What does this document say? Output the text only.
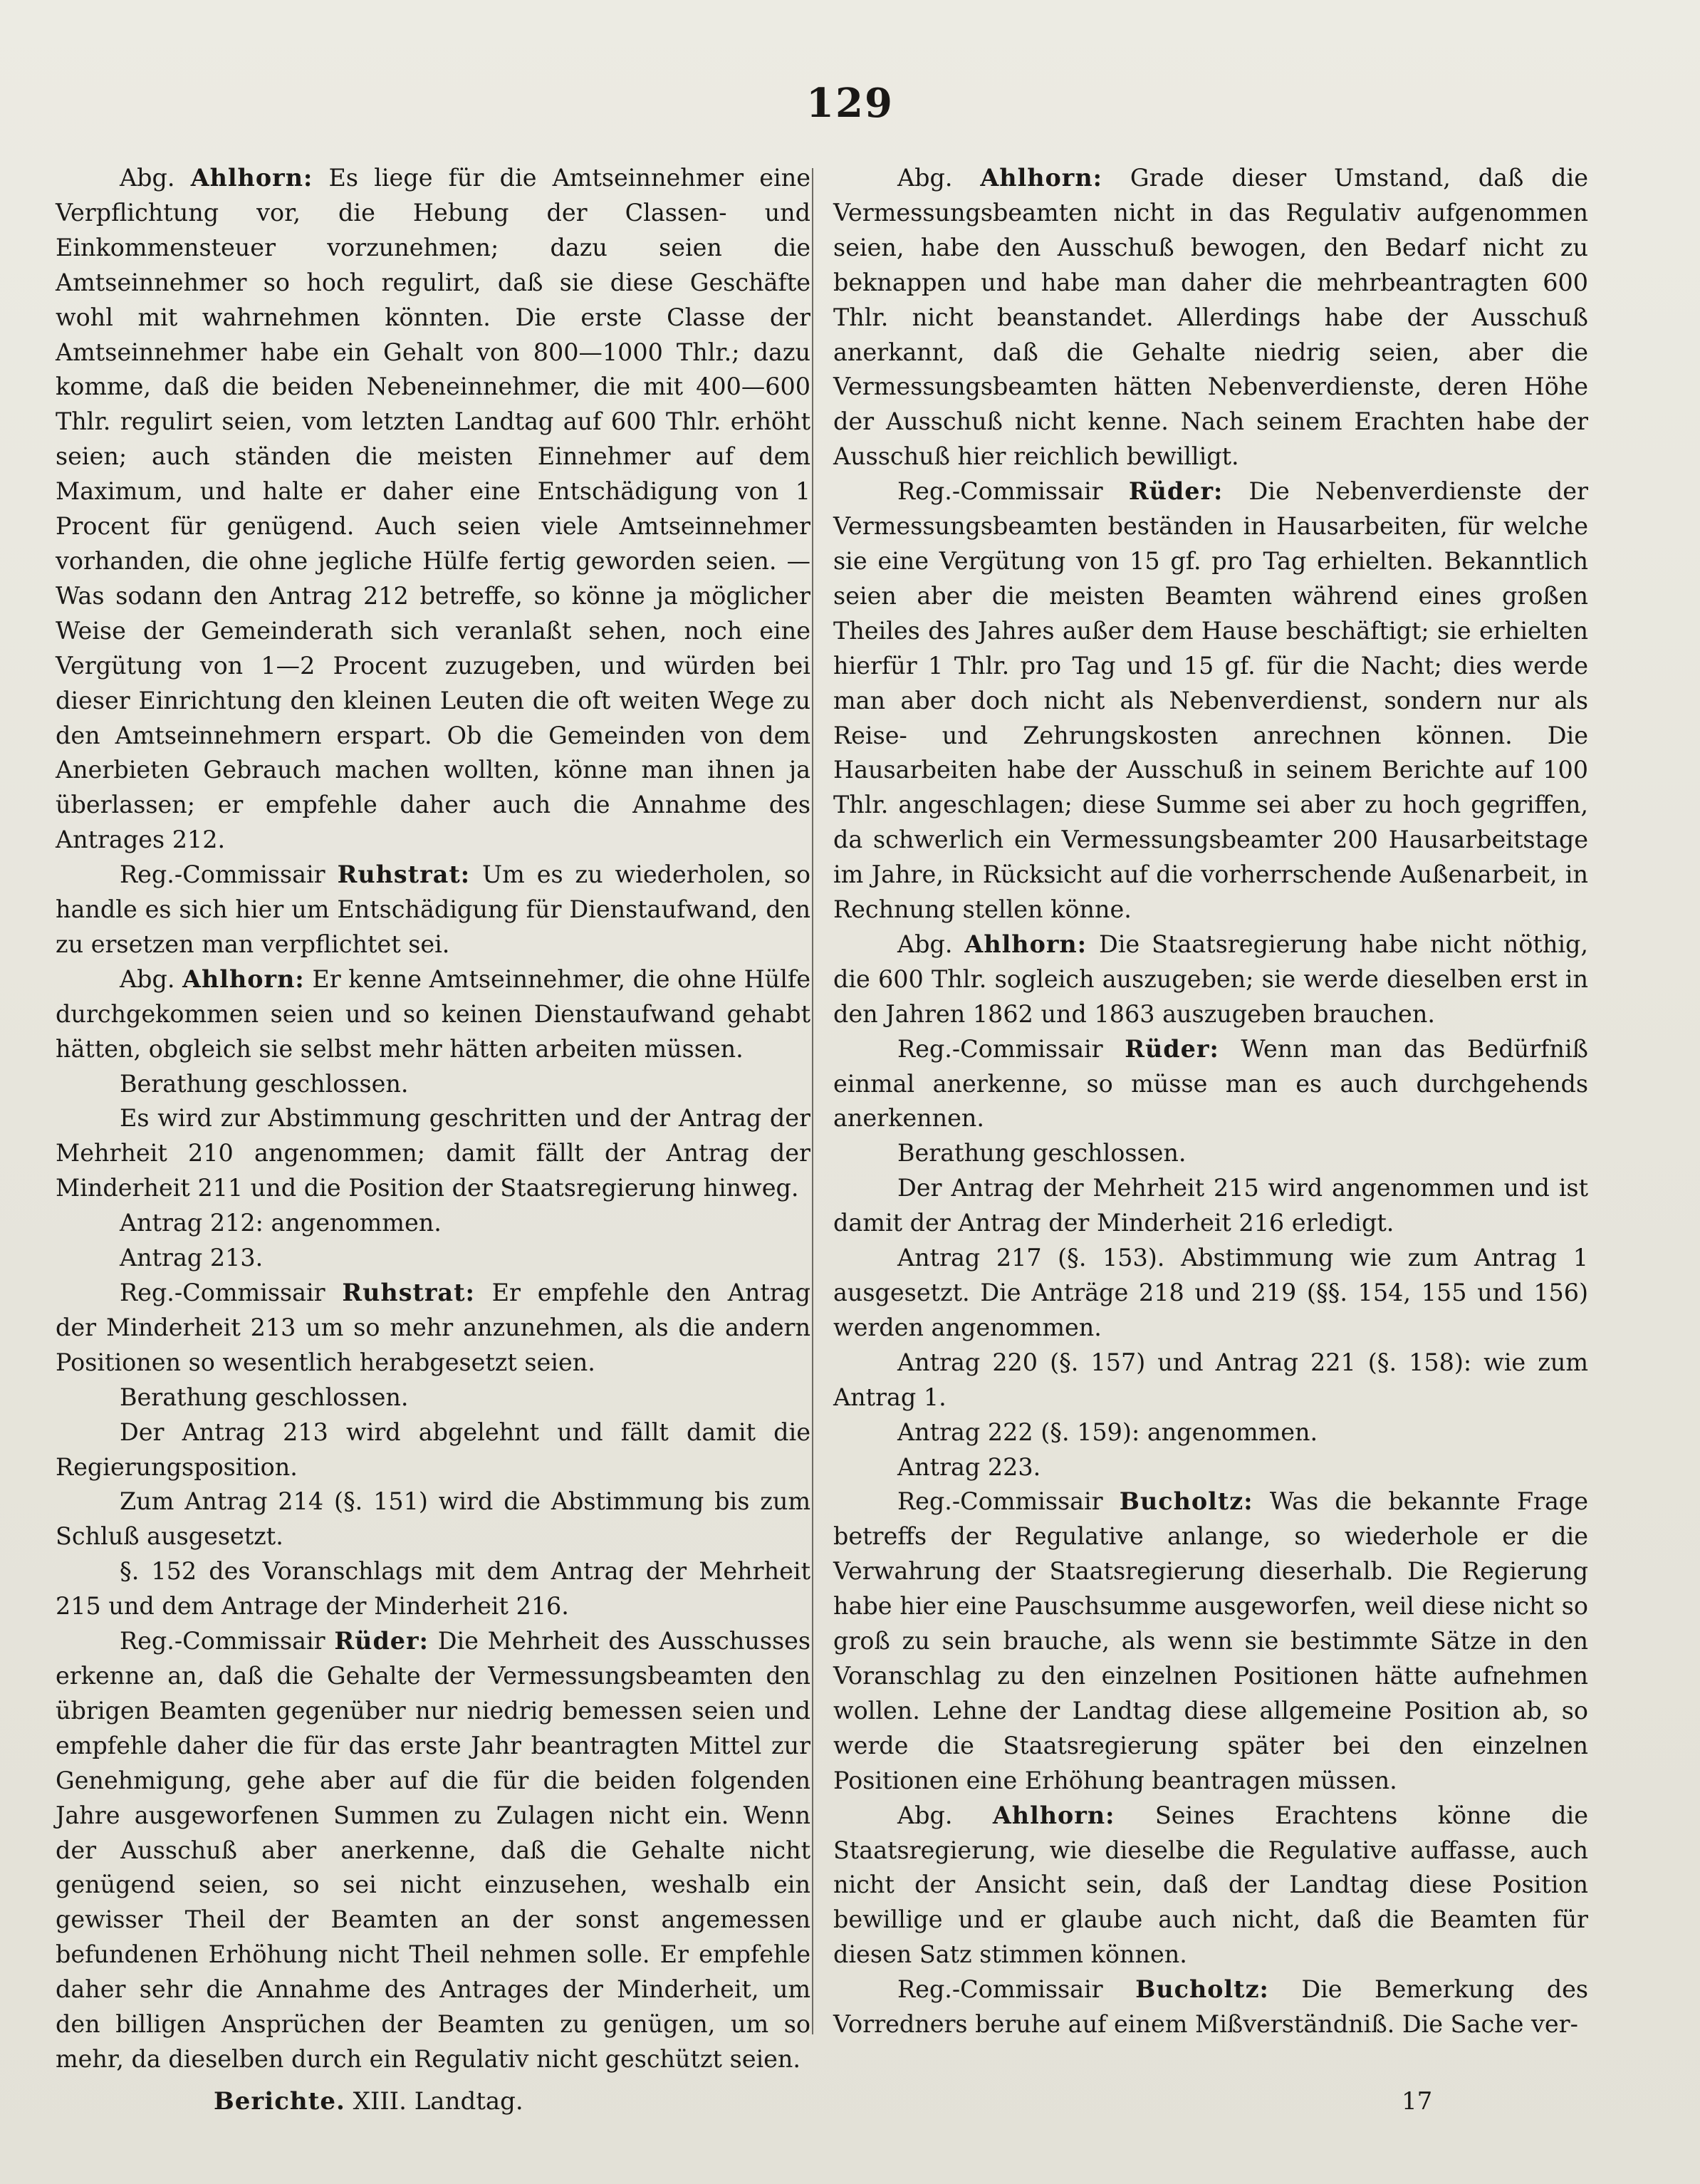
129

Abg. Ahlhorn: Es liege für die Amtseinnehmer eine Verpflichtung vor, die Hebung der Classen- und Einkommensteuer vorzunehmen; dazu seien die Amtseinnehmer so hoch regulirt, daß sie diese Geschäfte wohl mit wahrnehmen könnten. Die erste Classe der Amtseinnehmer habe ein Gehalt von 800—1000 Thlr.; dazu komme, daß die beiden Nebeneinnehmer, die mit 400—600 Thlr. regulirt seien, vom letzten Landtag auf 600 Thlr. erhöht seien; auch ständen die meisten Einnehmer auf dem Maximum, und halte er daher eine Entschädigung von 1 Procent für genügend. Auch seien viele Amtseinnehmer vorhanden, die ohne jegliche Hülfe fertig geworden seien. — Was sodann den Antrag 212 betreffe, so könne ja möglicher Weise der Gemeinderath sich veranlaßt sehen, noch eine Vergütung von 1—2 Procent zuzugeben, und würden bei dieser Einrichtung den kleinen Leuten die oft weiten Wege zu den Amtseinnehmern erspart. Ob die Gemeinden von dem Anerbieten Gebrauch machen wollten, könne man ihnen ja überlassen; er empfehle daher auch die Annahme des Antrages 212.

Reg.-Commissair Ruhstrat: Um es zu wiederholen, so handle es sich hier um Entschädigung für Dienstaufwand, den zu ersetzen man verpflichtet sei.

Abg. Ahlhorn: Er kenne Amtseinnehmer, die ohne Hülfe durchgekommen seien und so keinen Dienstaufwand gehabt hätten, obgleich sie selbst mehr hätten arbeiten müssen.

Berathung geschlossen.

Es wird zur Abstimmung geschritten und der Antrag der Mehrheit 210 angenommen; damit fällt der Antrag der Minderheit 211 und die Position der Staatsregierung hinweg.

Antrag 212: angenommen.

Antrag 213.

Reg.-Commissair Ruhstrat: Er empfehle den Antrag der Minderheit 213 um so mehr anzunehmen, als die andern Positionen so wesentlich herabgesetzt seien.

Berathung geschlossen.

Der Antrag 213 wird abgelehnt und fällt damit die Regierungsposition.

Zum Antrag 214 (§. 151) wird die Abstimmung bis zum Schluß ausgesetzt.

§. 152 des Voranschlags mit dem Antrag der Mehrheit 215 und dem Antrage der Minderheit 216.

Reg.-Commissair Rüder: Die Mehrheit des Ausschusses erkenne an, daß die Gehalte der Vermessungsbeamten den übrigen Beamten gegenüber nur niedrig bemessen seien und empfehle daher die für das erste Jahr beantragten Mittel zur Genehmigung, gehe aber auf die für die beiden folgenden Jahre ausgeworfenen Summen zu Zulagen nicht ein. Wenn der Ausschuß aber anerkenne, daß die Gehalte nicht genügend seien, so sei nicht einzusehen, weshalb ein gewisser Theil der Beamten an der sonst angemessen befundenen Erhöhung nicht Theil nehmen solle. Er empfehle daher sehr die Annahme des Antrages der Minderheit, um den billigen Ansprüchen der Beamten zu genügen, um so mehr, da dieselben durch ein Regulativ nicht geschützt seien.

Abg. Ahlhorn: Grade dieser Umstand, daß die Vermessungsbeamten nicht in das Regulativ aufgenommen seien, habe den Ausschuß bewogen, den Bedarf nicht zu beknappen und habe man daher die mehrbeantragten 600 Thlr. nicht beanstandet. Allerdings habe der Ausschuß anerkannt, daß die Gehalte niedrig seien, aber die Vermessungsbeamten hätten Nebenverdienste, deren Höhe der Ausschuß nicht kenne. Nach seinem Erachten habe der Ausschuß hier reichlich bewilligt.

Reg.-Commissair Rüder: Die Nebenverdienste der Vermessungsbeamten beständen in Hausarbeiten, für welche sie eine Vergütung von 15 gf. pro Tag erhielten. Bekanntlich seien aber die meisten Beamten während eines großen Theiles des Jahres außer dem Hause beschäftigt; sie erhielten hierfür 1 Thlr. pro Tag und 15 gf. für die Nacht; dies werde man aber doch nicht als Nebenverdienst, sondern nur als Reise- und Zehrungskosten anrechnen können. Die Hausarbeiten habe der Ausschuß in seinem Berichte auf 100 Thlr. angeschlagen; diese Summe sei aber zu hoch gegriffen, da schwerlich ein Vermessungsbeamter 200 Hausarbeitstage im Jahre, in Rücksicht auf die vorherrschende Außenarbeit, in Rechnung stellen könne.

Abg. Ahlhorn: Die Staatsregierung habe nicht nöthig, die 600 Thlr. sogleich auszugeben; sie werde dieselben erst in den Jahren 1862 und 1863 auszugeben brauchen.

Reg.-Commissair Rüder: Wenn man das Bedürfniß einmal anerkenne, so müsse man es auch durchgehends anerkennen.

Berathung geschlossen.

Der Antrag der Mehrheit 215 wird angenommen und ist damit der Antrag der Minderheit 216 erledigt.

Antrag 217 (§. 153). Abstimmung wie zum Antrag 1 ausgesetzt. Die Anträge 218 und 219 (§§. 154, 155 und 156) werden angenommen.

Antrag 220 (§. 157) und Antrag 221 (§. 158): wie zum Antrag 1.

Antrag 222 (§. 159): angenommen.

Antrag 223.

Reg.-Commissair Bucholtz: Was die bekannte Frage betreffs der Regulative anlange, so wiederhole er die Verwahrung der Staatsregierung dieserhalb. Die Regierung habe hier eine Pauschsumme ausgeworfen, weil diese nicht so groß zu sein brauche, als wenn sie bestimmte Sätze in den Voranschlag zu den einzelnen Positionen hätte aufnehmen wollen. Lehne der Landtag diese allgemeine Position ab, so werde die Staatsregierung später bei den einzelnen Positionen eine Erhöhung beantragen müssen.

Abg. Ahlhorn: Seines Erachtens könne die Staatsregierung, wie dieselbe die Regulative auffasse, auch nicht der Ansicht sein, daß der Landtag diese Position bewillige und er glaube auch nicht, daß die Beamten für diesen Satz stimmen können.

Reg.-Commissair Bucholtz: Die Bemerkung des Vorredners beruhe auf einem Mißverständniß. Die Sache ver-

Berichte. XIII. Landtag.	17
